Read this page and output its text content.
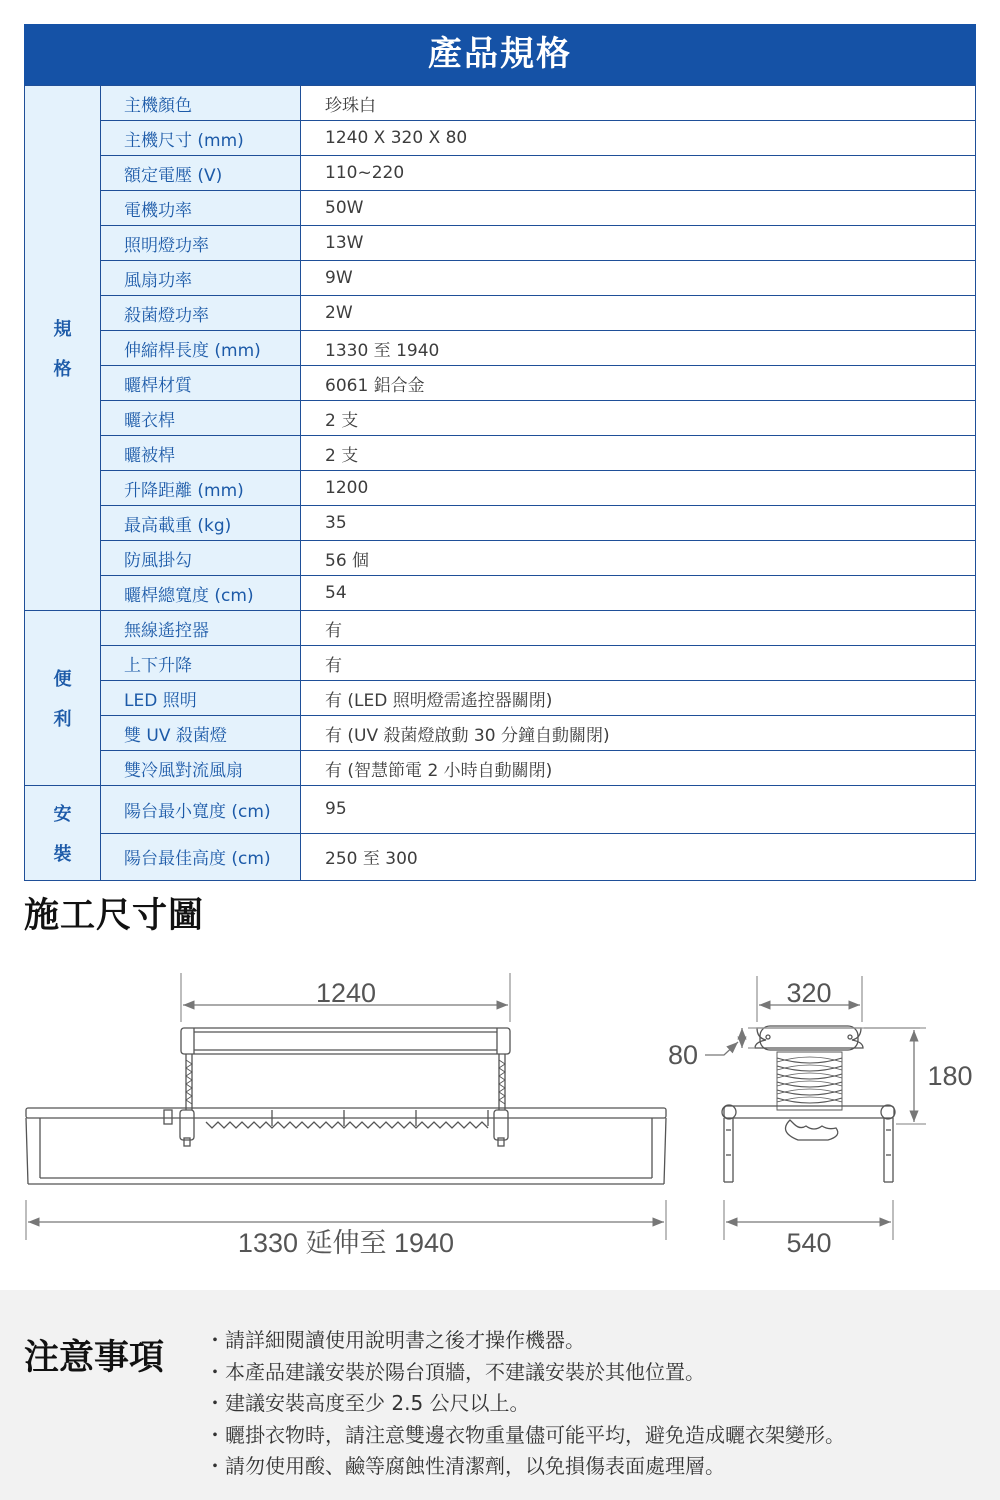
產品規格
規
格	主機顏色	珍珠白
	主機尺寸 (mm)	1240 X 320 X 80
	額定電壓 (V)	110~220
	電機功率	50W
	照明燈功率	13W
	風扇功率	9W
	殺菌燈功率	2W
	伸縮桿長度 (mm)	1330 至 1940
	曬桿材質	6061 鋁合金
	曬衣桿	2 支
	曬被桿	2 支
	升降距離 (mm)	1200
	最高載重 (kg)	35
	防風掛勾	56 個
	曬桿總寬度 (cm)	54

便
利	無線遙控器	有
	上下升降	有
	LED 照明	有 (LED 照明燈需遙控器關閉)
	雙 UV 殺菌燈	有 (UV 殺菌燈啟動 30 分鐘自動關閉)
	雙冷風對流風扇	有 (智慧節電 2 小時自動關閉)

安
裝	陽台最小寬度 (cm)	95
	陽台最佳高度 (cm)	250 至 300
施工尺寸圖
1240
1330 延伸至 1940
320
80
180
540
注意事項 ・請詳細閱讀使用說明書之後才操作機器。
・本產品建議安裝於陽台頂牆，不建議安裝於其他位置。
・建議安裝高度至少 2.5 公尺以上。
・曬掛衣物時，請注意雙邊衣物重量儘可能平均，避免造成曬衣架變形。
・請勿使用酸、鹼等腐蝕性清潔劑，以免損傷表面處理層。
